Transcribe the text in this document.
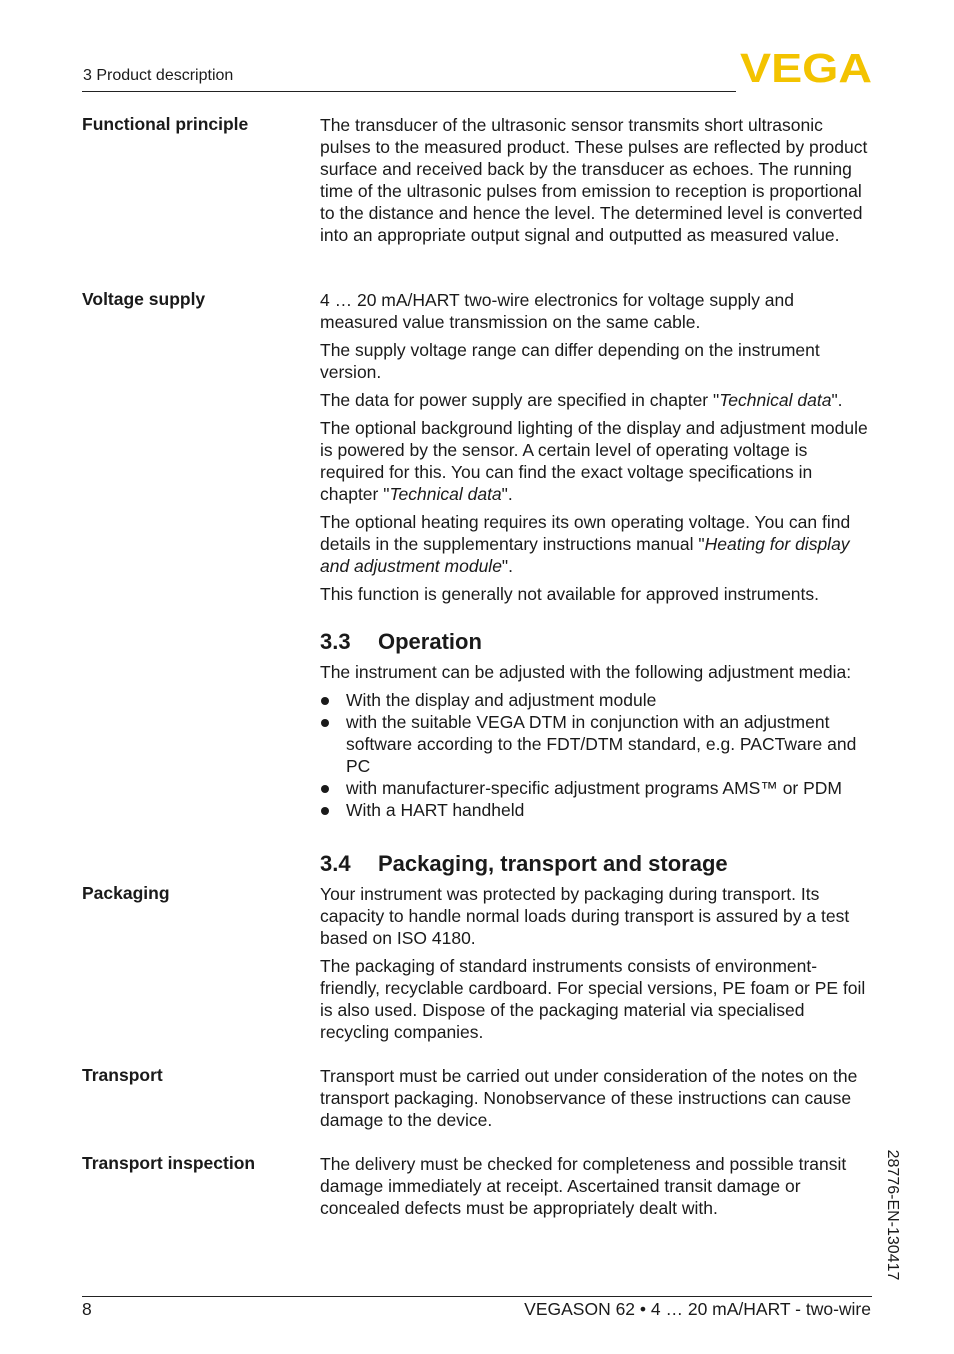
3 Product description	VEGA
Functional principle	The transducer of the ultrasonic sensor transmits short ultrasonic pulses to the measured product. These pulses are reflected by product surface and received back by the transducer as echoes. The running time of the ultrasonic pulses from emission to reception is proportional to the distance and hence the level. The determined level is converted into an appropriate output signal and outputted as measured value.

Voltage supply	4 … 20 mA/HART two-wire electronics for voltage supply and measured value transmission on the same cable.

The supply voltage range can differ depending on the instrument version.

The data for power supply are specified in chapter "Technical data".

The optional background lighting of the display and adjustment module is powered by the sensor. A certain level of operating voltage is required for this. You can find the exact voltage specifications in chapter "Technical data".

The optional heating requires its own operating voltage. You can find details in the supplementary instructions manual "Heating for display and adjustment module".

This function is generally not available for approved instruments.

3.3 Operation

The instrument can be adjusted with the following adjustment media:

With the display and adjustment module
with the suitable VEGA DTM in conjunction with an adjustment software according to the FDT/DTM standard, e.g. PACTware and PC
with manufacturer-specific adjustment programs AMS™ or PDM
With a HART handheld
3.4 Packaging, transport and storage
Packaging	Your instrument was protected by packaging during transport. Its capacity to handle normal loads during transport is assured by a test based on ISO 4180.

The packaging of standard instruments consists of environment-friendly, recyclable cardboard. For special versions, PE foam or PE foil is also used. Dispose of the packaging material via specialised recycling companies.

Transport	Transport must be carried out under consideration of the notes on the transport packaging. Nonobservance of these instructions can cause damage to the device.

Transport inspection	The delivery must be checked for completeness and possible transit damage immediately at receipt. Ascertained transit damage or concealed defects must be appropriately dealt with.	28776-EN-130417
8	VEGASON 62 • 4 … 20 mA/HART - two-wire
